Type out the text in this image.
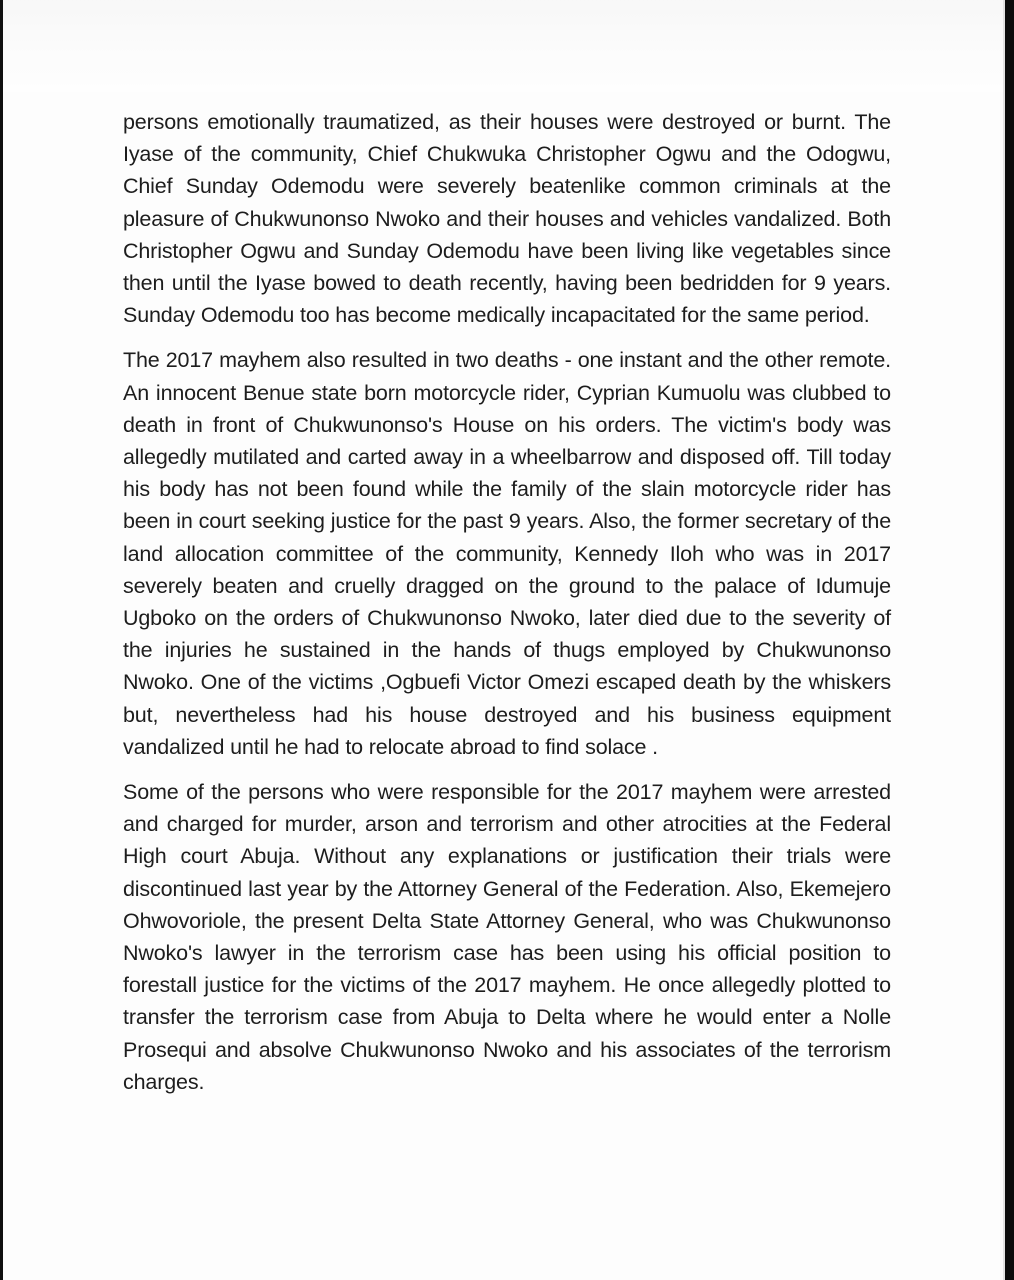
persons emotionally traumatized, as their houses were destroyed or burnt. The Iyase of the community, Chief Chukwuka Christopher Ogwu and the Odogwu, Chief Sunday Odemodu were severely beatenlike common criminals at the pleasure of Chukwunonso Nwoko and their houses and vehicles vandalized. Both Christopher Ogwu and Sunday Odemodu have been living like vegetables since then until the Iyase bowed to death recently, having been bedridden for 9 years. Sunday Odemodu too has become medically incapacitated for the same period.

The 2017 mayhem also resulted in two deaths - one instant and the other remote. An innocent Benue state born motorcycle rider, Cyprian Kumuolu was clubbed to death in front of Chukwunonso's House on his orders. The victim's body was allegedly mutilated and carted away in a wheelbarrow and disposed off. Till today his body has not been found while the family of the slain motorcycle rider has been in court seeking justice for the past 9 years. Also, the former secretary of the land allocation committee of the community, Kennedy Iloh who was in 2017 severely beaten and cruelly dragged on the ground to the palace of Idumuje Ugboko on the orders of Chukwunonso Nwoko, later died due to the severity of the injuries he sustained in the hands of thugs employed by Chukwunonso Nwoko. One of the victims ,Ogbuefi Victor Omezi escaped death by the whiskers but, nevertheless had his house destroyed and his business equipment vandalized until he had to relocate abroad to find solace .

Some of the persons who were responsible for the 2017 mayhem were arrested and charged for murder, arson and terrorism and other atrocities at the Federal High court Abuja. Without any explanations or justification their trials were discontinued last year by the Attorney General of the Federation. Also, Ekemejero Ohwovoriole, the present Delta State Attorney General, who was Chukwunonso Nwoko's lawyer in the terrorism case has been using his official position to forestall justice for the victims of the 2017 mayhem. He once allegedly plotted to transfer the terrorism case from Abuja to Delta where he would enter a Nolle Prosequi and absolve Chukwunonso Nwoko and his associates of the terrorism charges.
